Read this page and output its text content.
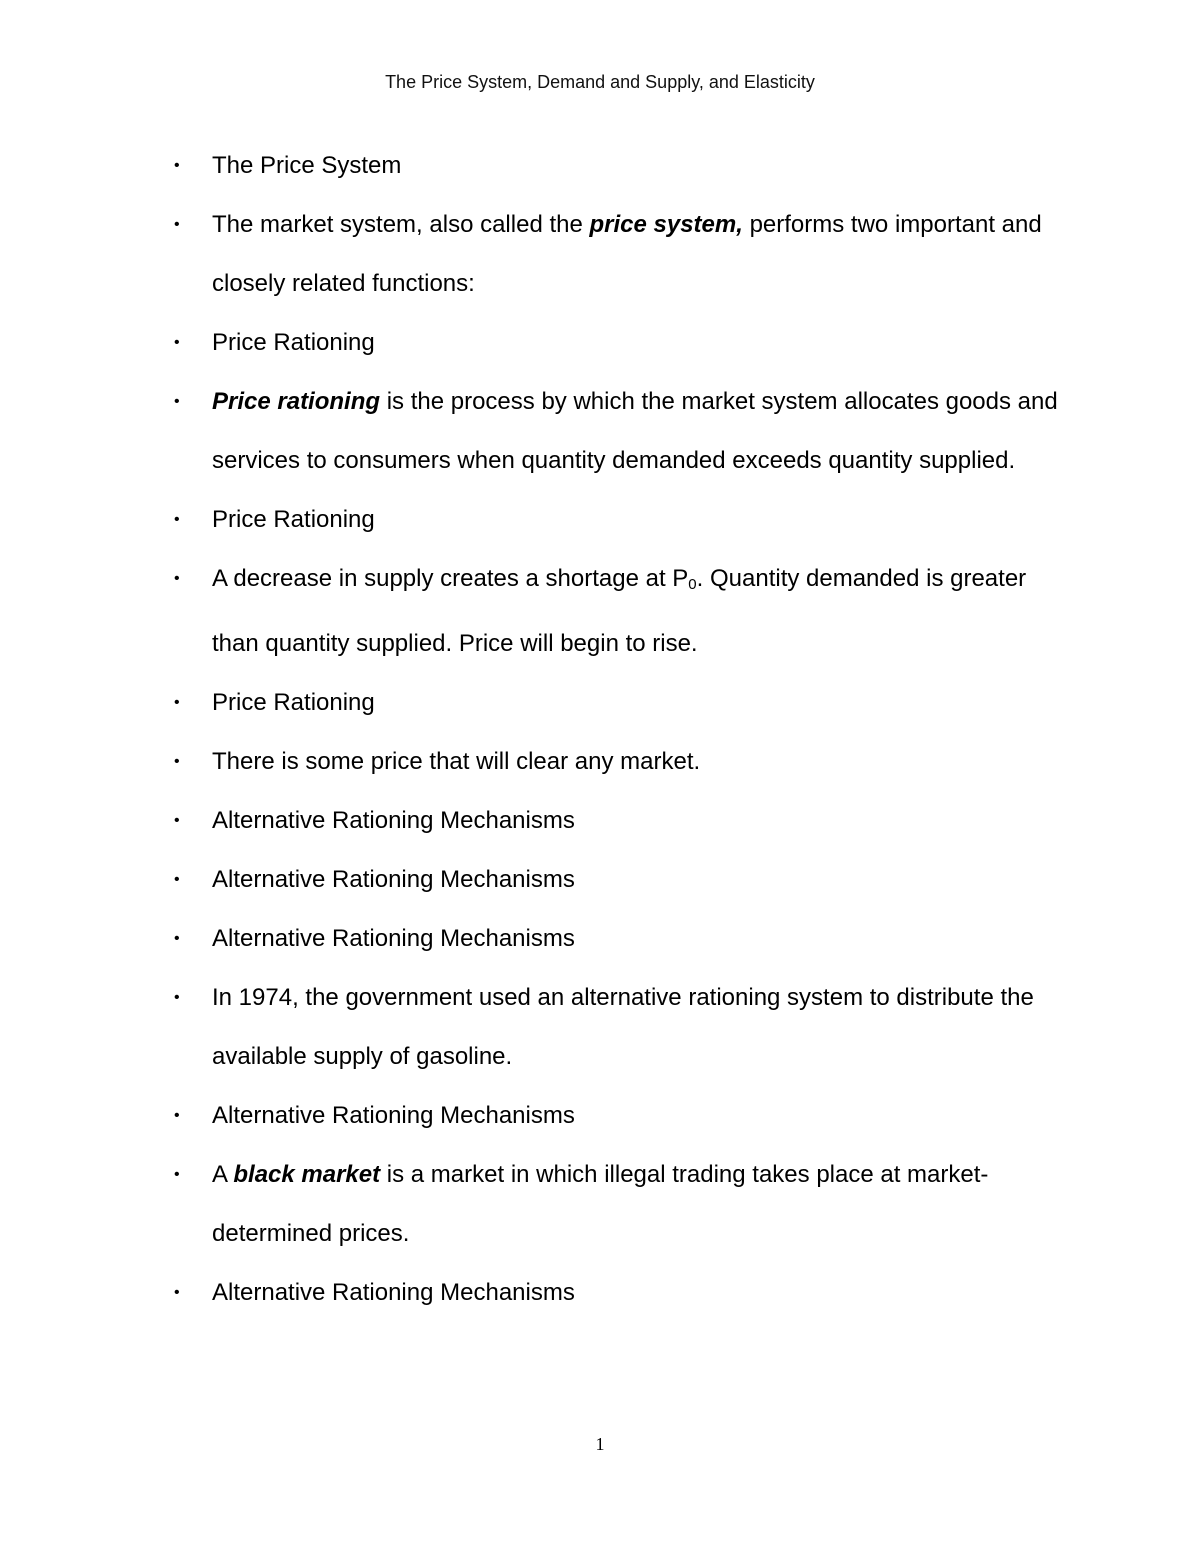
The Price System, Demand and Supply, and Elasticity
• The Price System
• The market system, also called the price system, performs two important and closely related functions:
• Price Rationing
• Price rationing is the process by which the market system allocates goods and services to consumers when quantity demanded exceeds quantity supplied.
• Price Rationing
• A decrease in supply creates a shortage at $P_0$. Quantity demanded is greater than quantity supplied. Price will begin to rise.
• Price Rationing
• There is some price that will clear any market.
• Alternative Rationing Mechanisms
• Alternative Rationing Mechanisms
• Alternative Rationing Mechanisms
• In 1974, the government used an alternative rationing system to distribute the available supply of gasoline.
• Alternative Rationing Mechanisms
• A black market is a market in which illegal trading takes place at market-determined prices.
• Alternative Rationing Mechanisms
1
